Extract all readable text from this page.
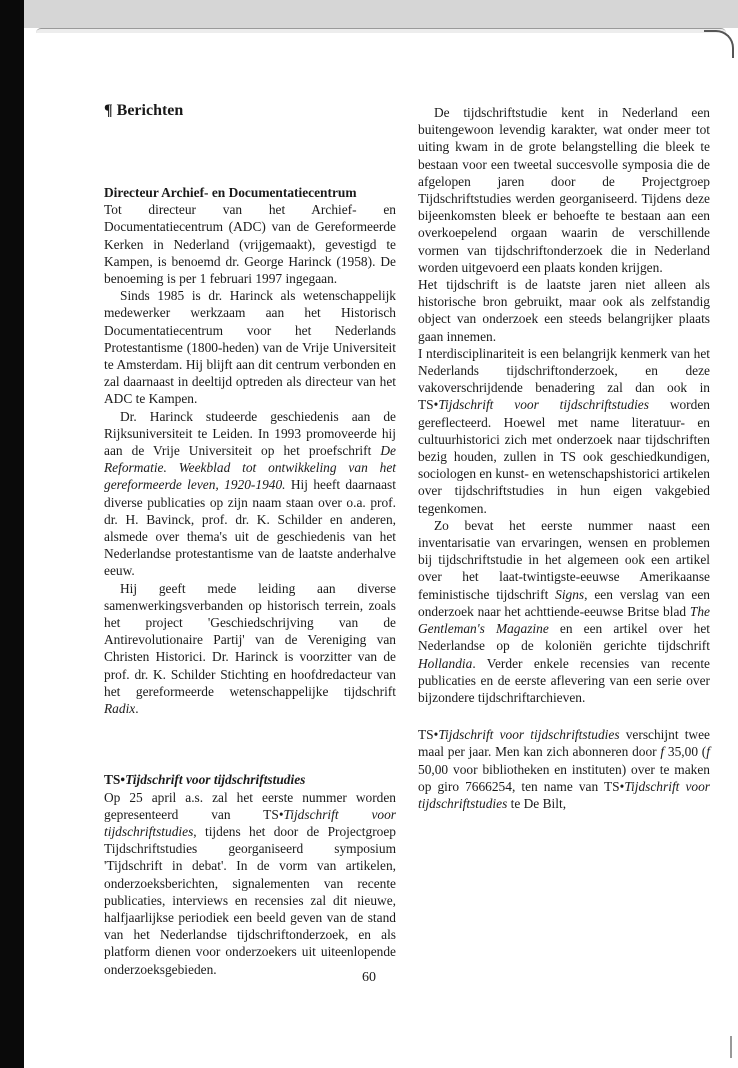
¶ Berichten

Directeur Archief- en Documentatiecentrum

Tot directeur van het Archief- en Documentatiecentrum (ADC) van de Gereformeerde Kerken in Nederland (vrijgemaakt), gevestigd te Kampen, is benoemd dr. George Harinck (1958). De benoeming is per 1 februari 1997 ingegaan.

Sinds 1985 is dr. Harinck als wetenschappelijk medewerker werkzaam aan het Historisch Documentatiecentrum voor het Nederlands Protestantisme (1800-heden) van de Vrije Universiteit te Amsterdam. Hij blijft aan dit centrum verbonden en zal daarnaast in deeltijd optreden als directeur van het ADC te Kampen.

Dr. Harinck studeerde geschiedenis aan de Rijksuniversiteit te Leiden. In 1993 promoveerde hij aan de Vrije Universiteit op het proefschrift De Reformatie. Weekblad tot ontwikkeling van het gereformeerde leven, 1920-1940. Hij heeft daarnaast diverse publicaties op zijn naam staan over o.a. prof. dr. H. Bavinck, prof. dr. K. Schilder en anderen, alsmede over thema's uit de geschiedenis van het Nederlandse protestantisme van de laatste anderhalve eeuw.

Hij geeft mede leiding aan diverse samenwerkingsverbanden op historisch terrein, zoals het project 'Geschiedschrijving van de Antirevolutionaire Partij' van de Vereniging van Christen Historici. Dr. Harinck is voorzitter van de prof. dr. K. Schilder Stichting en hoofdredacteur van het gereformeerde wetenschappelijke tijdschrift Radix.

TS•Tijdschrift voor tijdschriftstudies

Op 25 april a.s. zal het eerste nummer worden gepresenteerd van TS•Tijdschrift voor tijdschriftstudies, tijdens het door de Projectgroep Tijdschriftstudies georganiseerd symposium 'Tijdschrift in debat'. In de vorm van artikelen, onderzoeksberichten, signalementen van recente publicaties, interviews en recensies zal dit nieuwe, halfjaarlijkse periodiek een beeld geven van de stand van het Nederlandse tijdschriftonderzoek, en als platform dienen voor onderzoekers uit uiteenlopende onderzoeksgebieden.

De tijdschriftstudie kent in Nederland een buitengewoon levendig karakter, wat onder meer tot uiting kwam in de grote belangstelling die bleek te bestaan voor een tweetal succesvolle symposia die de afgelopen jaren door de Projectgroep Tijdschriftstudies werden georganiseerd. Tijdens deze bijeenkomsten bleek er behoefte te bestaan aan een overkoepelend orgaan waarin de verschillende vormen van tijdschriftonderzoek die in Nederland worden uitgevoerd een plaats konden krijgen.

Het tijdschrift is de laatste jaren niet alleen als historische bron gebruikt, maar ook als zelfstandig object van onderzoek een steeds belangrijker plaats gaan innemen.

I nterdisciplinariteit is een belangrijk kenmerk van het Nederlands tijdschriftonderzoek, en deze vakoverschrijdende benadering zal dan ook in TS•Tijdschrift voor tijdschriftstudies worden gereflecteerd. Hoewel met name literatuur- en cultuurhistorici zich met onderzoek naar tijdschriften bezig houden, zullen in TS ook geschiedkundigen, sociologen en kunst- en wetenschapshistorici artikelen over tijdschriftstudies in hun eigen vakgebied tegenkomen.

Zo bevat het eerste nummer naast een inventarisatie van ervaringen, wensen en problemen bij tijdschriftstudie in het algemeen ook een artikel over het laat-twintigste-eeuwse Amerikaanse feministische tijdschrift Signs, een verslag van een onderzoek naar het achttiende-eeuwse Britse blad The Gentleman's Magazine en een artikel over het Nederlandse op de koloniën gerichte tijdschrift Hollandia. Verder enkele recensies van recente publicaties en de eerste aflevering van een serie over bijzondere tijdschriftarchieven.

TS•Tijdschrift voor tijdschriftstudies verschijnt twee maal per jaar. Men kan zich abonneren door f 35,00 (f 50,00 voor bibliotheken en instituten) over te maken op giro 7666254, ten name van TS•Tijdschrift voor tijdschriftstudies te De Bilt,

60
